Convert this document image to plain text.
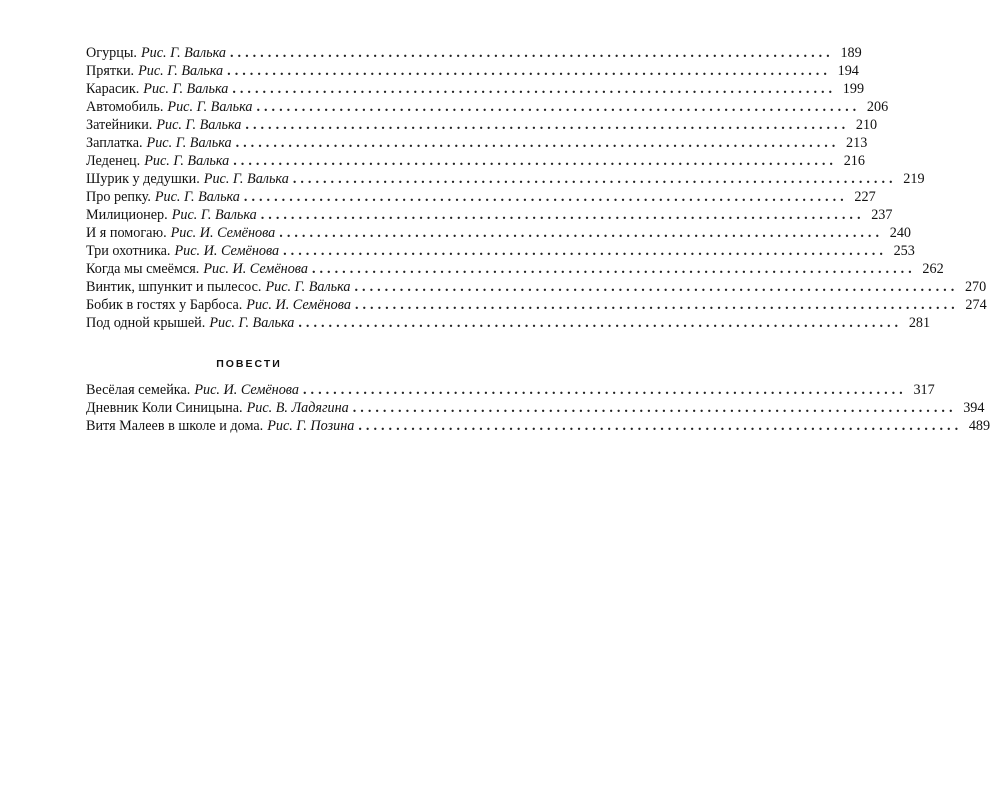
Огурцы. Рис. Г. Валька ................................................................................ 189
Прятки. Рис. Г. Валька ................................................................................ 194
Карасик. Рис. Г. Валька ................................................................................ 199
Автомобиль. Рис. Г. Валька ................................................................................ 206
Затейники. Рис. Г. Валька ................................................................................ 210
Заплатка. Рис. Г. Валька ................................................................................ 213
Леденец. Рис. Г. Валька ................................................................................ 216
Шурик у дедушки. Рис. Г. Валька ................................................................................ 219
Про репку. Рис. Г. Валька ................................................................................ 227
Милиционер. Рис. Г. Валька ................................................................................ 237
И я помогаю. Рис. И. Семёнова ................................................................................ 240
Три охотника. Рис. И. Семёнова ................................................................................ 253
Когда мы смеёмся. Рис. И. Семёнова ................................................................................ 262
Винтик, шпункит и пылесос. Рис. Г. Валька ................................................................................ 270
Бобик в гостях у Барбоса. Рис. И. Семёнова ................................................................................ 274
Под одной крышей. Рис. Г. Валька ................................................................................ 281
ПОВЕСТИ
Весёлая семейка. Рис. И. Семёнова ................................................................................ 317
Дневник Коли Синицына. Рис. В. Ладягина ................................................................................ 394
Витя Малеев в школе и дома. Рис. Г. Позина ................................................................................ 489
